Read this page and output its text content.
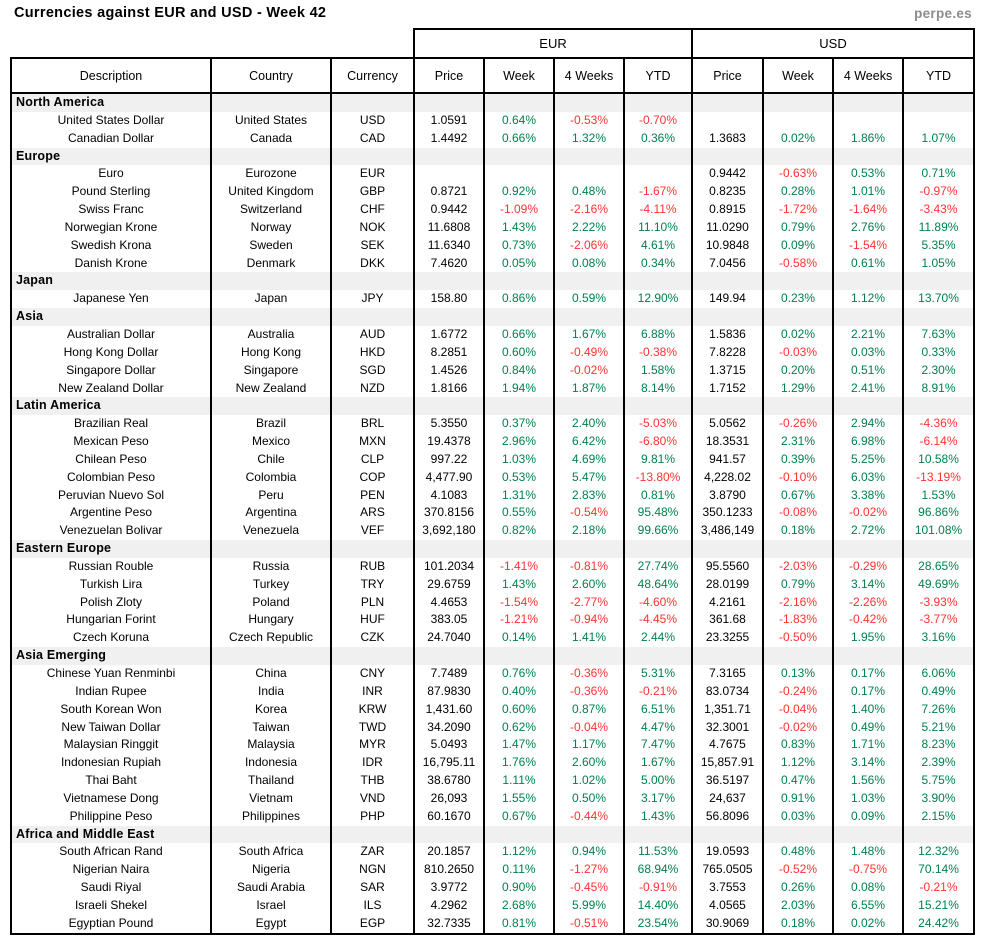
Currencies against EUR and USD - Week 42	perpe.es
			EUR				USD			
Description	Country	Currency	Price	Week	4 Weeks	YTD	Price	Week	4 Weeks	YTD
North America										
United States Dollar	United States	USD	1.0591	0.64%	-0.53%	-0.70%				
Canadian Dollar	Canada	CAD	1.4492	0.66%	1.32%	0.36%	1.3683	0.02%	1.86%	1.07%
Europe										
Euro	Eurozone	EUR					0.9442	-0.63%	0.53%	0.71%
Pound Sterling	United Kingdom	GBP	0.8721	0.92%	0.48%	-1.67%	0.8235	0.28%	1.01%	-0.97%
Swiss Franc	Switzerland	CHF	0.9442	-1.09%	-2.16%	-4.11%	0.8915	-1.72%	-1.64%	-3.43%
Norwegian Krone	Norway	NOK	11.6808	1.43%	2.22%	11.10%	11.0290	0.79%	2.76%	11.89%
Swedish Krona	Sweden	SEK	11.6340	0.73%	-2.06%	4.61%	10.9848	0.09%	-1.54%	5.35%
Danish Krone	Denmark	DKK	7.4620	0.05%	0.08%	0.34%	7.0456	-0.58%	0.61%	1.05%
Japan										
Japanese Yen	Japan	JPY	158.80	0.86%	0.59%	12.90%	149.94	0.23%	1.12%	13.70%
Asia										
Australian Dollar	Australia	AUD	1.6772	0.66%	1.67%	6.88%	1.5836	0.02%	2.21%	7.63%
Hong Kong Dollar	Hong Kong	HKD	8.2851	0.60%	-0.49%	-0.38%	7.8228	-0.03%	0.03%	0.33%
Singapore Dollar	Singapore	SGD	1.4526	0.84%	-0.02%	1.58%	1.3715	0.20%	0.51%	2.30%
New Zealand Dollar	New Zealand	NZD	1.8166	1.94%	1.87%	8.14%	1.7152	1.29%	2.41%	8.91%
Latin America										
Brazilian Real	Brazil	BRL	5.3550	0.37%	2.40%	-5.03%	5.0562	-0.26%	2.94%	-4.36%
Mexican Peso	Mexico	MXN	19.4378	2.96%	6.42%	-6.80%	18.3531	2.31%	6.98%	-6.14%
Chilean Peso	Chile	CLP	997.22	1.03%	4.69%	9.81%	941.57	0.39%	5.25%	10.58%
Colombian Peso	Colombia	COP	4,477.90	0.53%	5.47%	-13.80%	4,228.02	-0.10%	6.03%	-13.19%
Peruvian Nuevo Sol	Peru	PEN	4.1083	1.31%	2.83%	0.81%	3.8790	0.67%	3.38%	1.53%
Argentine Peso	Argentina	ARS	370.8156	0.55%	-0.54%	95.48%	350.1233	-0.08%	-0.02%	96.86%
Venezuelan Bolivar	Venezuela	VEF	3,692,180	0.82%	2.18%	99.66%	3,486,149	0.18%	2.72%	101.08%
Eastern Europe										
Russian Rouble	Russia	RUB	101.2034	-1.41%	-0.81%	27.74%	95.5560	-2.03%	-0.29%	28.65%
Turkish Lira	Turkey	TRY	29.6759	1.43%	2.60%	48.64%	28.0199	0.79%	3.14%	49.69%
Polish Zloty	Poland	PLN	4.4653	-1.54%	-2.77%	-4.60%	4.2161	-2.16%	-2.26%	-3.93%
Hungarian Forint	Hungary	HUF	383.05	-1.21%	-0.94%	-4.45%	361.68	-1.83%	-0.42%	-3.77%
Czech Koruna	Czech Republic	CZK	24.7040	0.14%	1.41%	2.44%	23.3255	-0.50%	1.95%	3.16%
Asia Emerging										
Chinese Yuan Renminbi	China	CNY	7.7489	0.76%	-0.36%	5.31%	7.3165	0.13%	0.17%	6.06%
Indian Rupee	India	INR	87.9830	0.40%	-0.36%	-0.21%	83.0734	-0.24%	0.17%	0.49%
South Korean Won	Korea	KRW	1,431.60	0.60%	0.87%	6.51%	1,351.71	-0.04%	1.40%	7.26%
New Taiwan Dollar	Taiwan	TWD	34.2090	0.62%	-0.04%	4.47%	32.3001	-0.02%	0.49%	5.21%
Malaysian Ringgit	Malaysia	MYR	5.0493	1.47%	1.17%	7.47%	4.7675	0.83%	1.71%	8.23%
Indonesian Rupiah	Indonesia	IDR	16,795.11	1.76%	2.60%	1.67%	15,857.91	1.12%	3.14%	2.39%
Thai Baht	Thailand	THB	38.6780	1.11%	1.02%	5.00%	36.5197	0.47%	1.56%	5.75%
Vietnamese Dong	Vietnam	VND	26,093	1.55%	0.50%	3.17%	24,637	0.91%	1.03%	3.90%
Philippine Peso	Philippines	PHP	60.1670	0.67%	-0.44%	1.43%	56.8096	0.03%	0.09%	2.15%
Africa and Middle East										
South African Rand	South Africa	ZAR	20.1857	1.12%	0.94%	11.53%	19.0593	0.48%	1.48%	12.32%
Nigerian Naira	Nigeria	NGN	810.2650	0.11%	-1.27%	68.94%	765.0505	-0.52%	-0.75%	70.14%
Saudi Riyal	Saudi Arabia	SAR	3.9772	0.90%	-0.45%	-0.91%	3.7553	0.26%	0.08%	-0.21%
Israeli Shekel	Israel	ILS	4.2962	2.68%	5.99%	14.40%	4.0565	2.03%	6.55%	15.21%
Egyptian Pound	Egypt	EGP	32.7335	0.81%	-0.51%	23.54%	30.9069	0.18%	0.02%	24.42%
